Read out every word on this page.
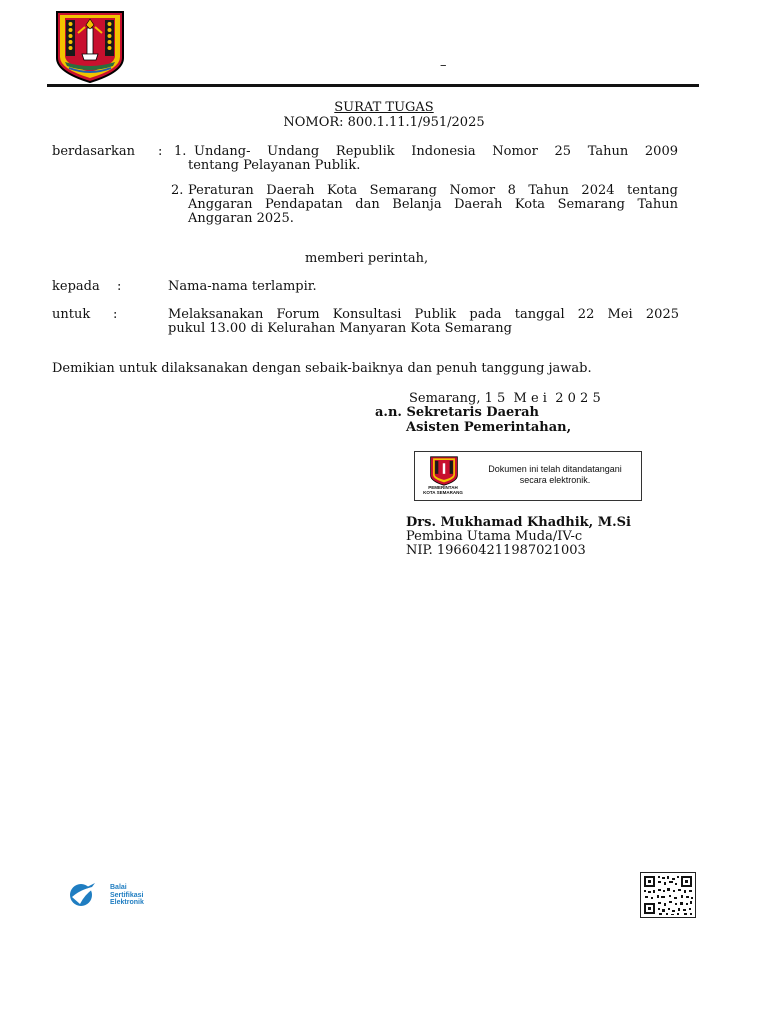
–
SURAT TUGAS
NOMOR: 800.1.11.1/951/2025
berdasarkan : 1. Undang- Undang Republik Indonesia Nomor 25 Tahun 2009
tentang Pelayanan Publik.
2. Peraturan Daerah Kota Semarang Nomor 8 Tahun 2024 tentang
Anggaran Pendapatan dan Belanja Daerah Kota Semarang Tahun
Anggaran 2025.
memberi perintah,
kepada :	Nama-nama terlampir.
untuk :	Melaksanakan Forum Konsultasi Publik pada tanggal 22 Mei 2025
pukul 13.00 di Kelurahan Manyaran Kota Semarang
Demikian untuk dilaksanakan dengan sebaik-baiknya dan penuh tanggung jawab.
Semarang, 1 5  M e i  2 0 2 5
a.n. Sekretaris Daerah
Asisten Pemerintahan,
PEMERINTAH KOTA SEMARANG
Dokumen ini telah ditandatangani secara elektronik.
Drs. Mukhamad Khadhik, M.Si
Pembina Utama Muda/IV-c
NIP. 196604211987021003
Balai
Sertifikasi
Elektronik
